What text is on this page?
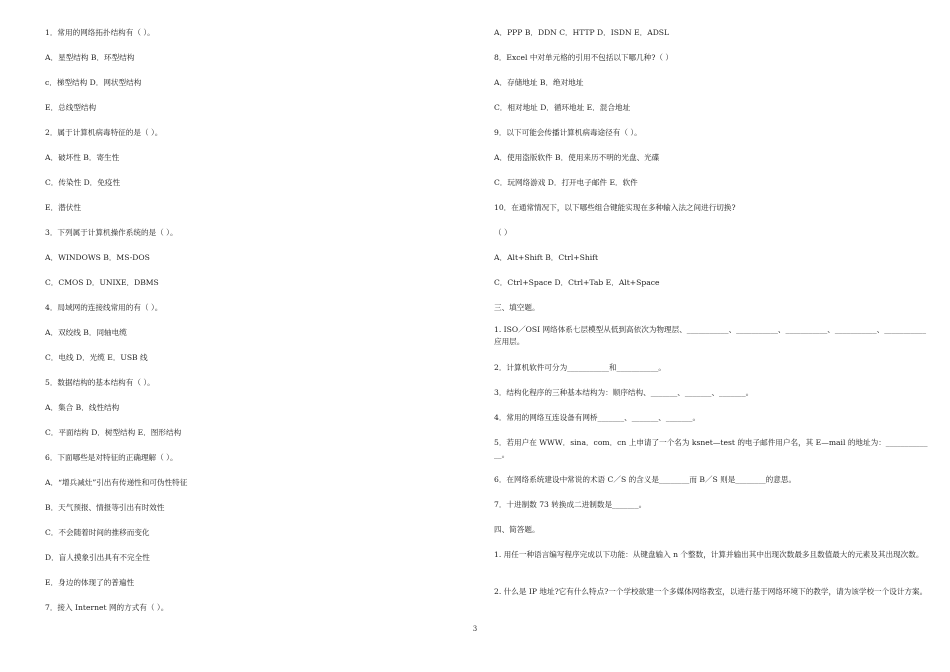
1．常用的网络拓扑结构有（ ）。
A．星型结构 B．环型结构
c．梯型结构 D．网状型结构
E．总线型结构
2．属于计算机病毒特征的是（ ）。
A．破坏性 B．寄生性
C．传染性 D．免疫性
E．潜伏性
3．下列属于计算机操作系统的是（ ）。
A．WINDOWS B．MS-DOS
C．CMOS D．UNIXE．DBMS
4．局域网的连接线常用的有（ ）。
A．双绞线 B．同轴电缆
C．电线 D．光缆 E．USB 线
5．数据结构的基本结构有（ ）。
A．集合 B．线性结构
C．平面结构 D．树型结构 E．图形结构
6．下面哪些是对特征的正确理解（ ）。
A．“增兵减灶”引出有传递性和可伪性特征
B．天气预报、情报等引出有时效性
C．不会随着时间的推移而变化
D．盲人摸象引出具有不完全性
E．身边的体现了的普遍性
7．接入 Internet 网的方式有（ ）。
A．PPP B．DDN C．HTTP D．ISDN E．ADSL
8．Excel 中对单元格的引用不包括以下哪几种?（ ）
A．存储地址 B．绝对地址
C．相对地址 D．循环地址 E．混合地址
9．以下可能会传播计算机病毒途径有（ ）。
A．使用盗版软件 B．使用来历不明的光盘、光碟
C．玩网络游戏 D．打开电子邮件 E．软件
10．在通常情况下，以下哪些组合键能实现在多种输入法之间进行切换?
（ ）
A．Alt+Shift B．Ctrl+Shift
C．Ctrl+Space D．Ctrl+Tab E．Alt+Space
三、填空题。
1. ISO／OSI 网络体系七层模型从低到高依次为物理层、___________、___________、___________、___________、___________应用层。
2．计算机软件可分为___________和___________。
3．结构化程序的三种基本结构为：顺序结构、_______、_______、_______。
4．常用的网络互连设备有网桥_______、_______、_______。
5．若用户在 WWW．sina．com．cn 上申请了一个名为 ksnet—test 的电子邮件用户名，其 E—mail 的地址为：_____________。
6．在网络系统建设中常说的术语 C／S 的含义是________而 B／S 则是________的意思。
7．十进制数 73 转换成二进制数是_______。
四、简答题。
1. 用任一种语言编写程序完成以下功能：从键盘输入 n 个整数，计算并输出其中出现次数最多且数值最大的元素及其出现次数。
2. 什么是 IP 地址?它有什么特点?一个学校欲建一个多媒体网络教室，以进行基于网络环境下的教学，请为该学校一个设计方案。
3
